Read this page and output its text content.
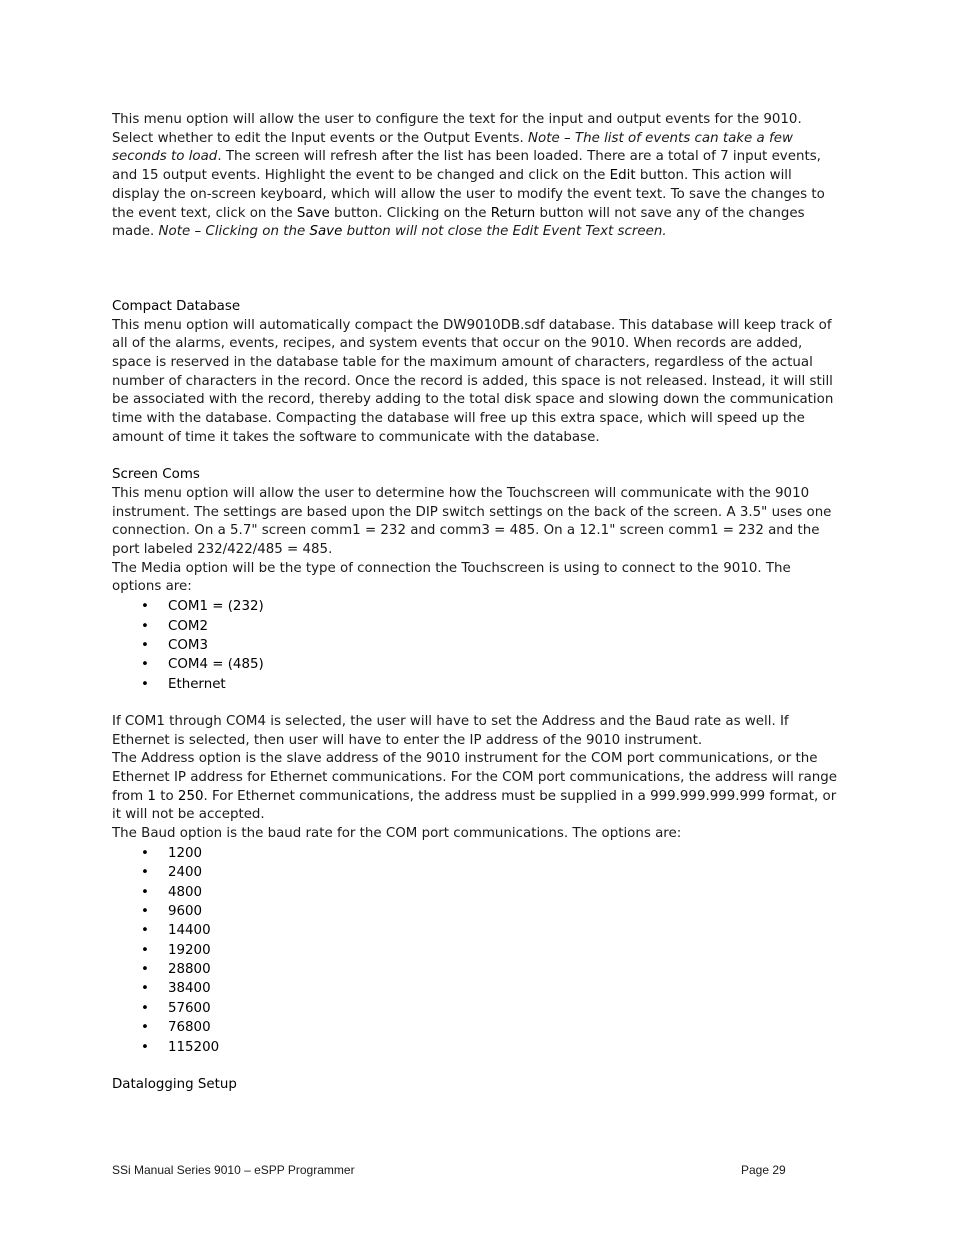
This menu option will allow the user to configure the text for the input and output events for the 9010. Select whether to edit the Input events or the Output Events. Note – The list of events can take a few seconds to load. The screen will refresh after the list has been loaded. There are a total of 7 input events, and 15 output events. Highlight the event to be changed and click on the Edit button. This action will display the on-screen keyboard, which will allow the user to modify the event text. To save the changes to the event text, click on the Save button. Clicking on the Return button will not save any of the changes made. Note – Clicking on the Save button will not close the Edit Event Text screen.

Compact Database

This menu option will automatically compact the DW9010DB.sdf database. This database will keep track of all of the alarms, events, recipes, and system events that occur on the 9010. When records are added, space is reserved in the database table for the maximum amount of characters, regardless of the actual number of characters in the record. Once the record is added, this space is not released. Instead, it will still be associated with the record, thereby adding to the total disk space and slowing down the communication time with the database. Compacting the database will free up this extra space, which will speed up the amount of time it takes the software to communicate with the database.

Screen Coms

This menu option will allow the user to determine how the Touchscreen will communicate with the 9010 instrument. The settings are based upon the DIP switch settings on the back of the screen. A 3.5" uses one connection. On a 5.7" screen comm1 = 232 and comm3 = 485. On a 12.1" screen comm1 = 232 and the port labeled 232/422/485 = 485.

The Media option will be the type of connection the Touchscreen is using to connect to the 9010. The options are:

• COM1 = (232)
• COM2
• COM3
• COM4 = (485)
• Ethernet

If COM1 through COM4 is selected, the user will have to set the Address and the Baud rate as well. If Ethernet is selected, then user will have to enter the IP address of the 9010 instrument.

The Address option is the slave address of the 9010 instrument for the COM port communications, or the Ethernet IP address for Ethernet communications. For the COM port communications, the address will range from 1 to 250. For Ethernet communications, the address must be supplied in a 999.999.999.999 format, or it will not be accepted.

The Baud option is the baud rate for the COM port communications. The options are:

• 1200
• 2400
• 4800
• 9600
• 14400
• 19200
• 28800
• 38400
• 57600
• 76800
• 115200

Datalogging Setup

SSi Manual Series 9010 – eSPP Programmer	Page 29
